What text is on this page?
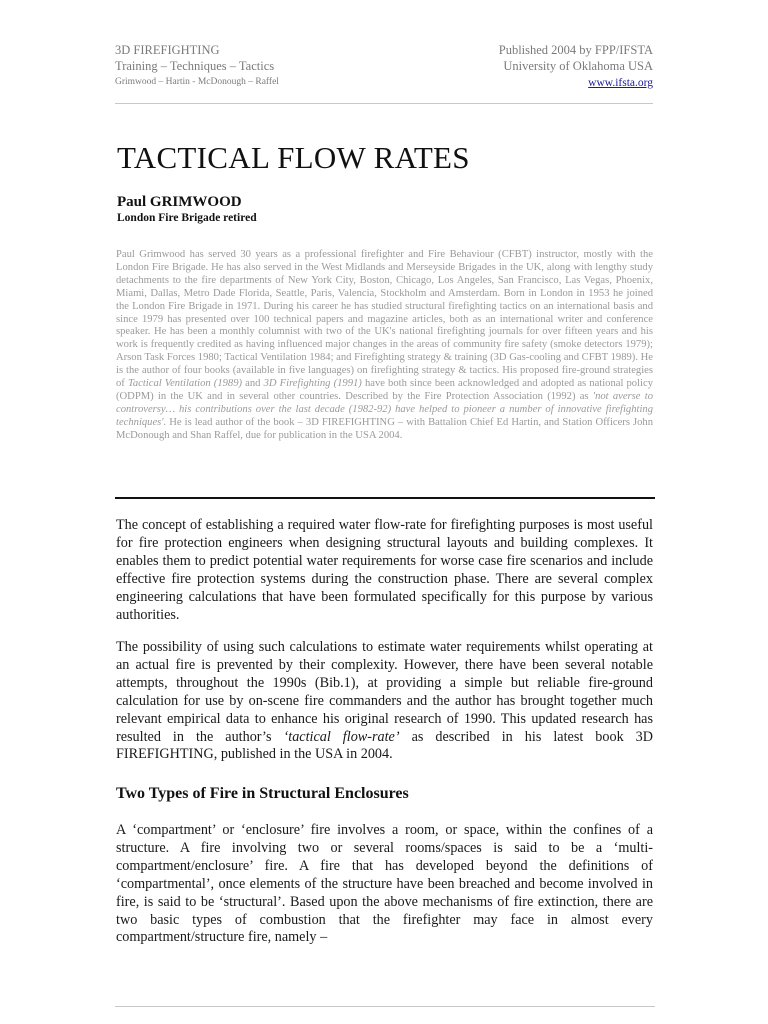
3D FIREFIGHTING
Training – Techniques – Tactics
Grimwood – Hartin - McDonough – Raffel
Published 2004 by FPP/IFSTA
University of Oklahoma USA
www.ifsta.org
TACTICAL FLOW RATES
Paul GRIMWOOD
London Fire Brigade retired
Paul Grimwood has served 30 years as a professional firefighter and Fire Behaviour (CFBT) instructor, mostly with the London Fire Brigade. He has also served in the West Midlands and Merseyside Brigades in the UK, along with lengthy study detachments to the fire departments of New York City, Boston, Chicago, Los Angeles, San Francisco, Las Vegas, Phoenix, Miami, Dallas, Metro Dade Florida, Seattle, Paris, Valencia, Stockholm and Amsterdam. Born in London in 1953 he joined the London Fire Brigade in 1971. During his career he has studied structural firefighting tactics on an international basis and since 1979 has presented over 100 technical papers and magazine articles, both as an international writer and conference speaker. He has been a monthly columnist with two of the UK's national firefighting journals for over fifteen years and his work is frequently credited as having influenced major changes in the areas of community fire safety (smoke detectors 1979); Arson Task Forces 1980; Tactical Ventilation 1984; and Firefighting strategy & training (3D Gas-cooling and CFBT 1989). He is the author of four books (available in five languages) on firefighting strategy & tactics. His proposed fire-ground strategies of Tactical Ventilation (1989) and 3D Firefighting (1991) have both since been acknowledged and adopted as national policy (ODPM) in the UK and in several other countries. Described by the Fire Protection Association (1992) as 'not averse to controversy… his contributions over the last decade (1982-92) have helped to pioneer a number of innovative firefighting techniques'. He is lead author of the book – 3D FIREFIGHTING – with Battalion Chief Ed Hartin, and Station Officers John McDonough and Shan Raffel, due for publication in the USA 2004.
The concept of establishing a required water flow-rate for firefighting purposes is most useful for fire protection engineers when designing structural layouts and building complexes. It enables them to predict potential water requirements for worse case fire scenarios and include effective fire protection systems during the construction phase. There are several complex engineering calculations that have been formulated specifically for this purpose by various authorities.
The possibility of using such calculations to estimate water requirements whilst operating at an actual fire is prevented by their complexity. However, there have been several notable attempts, throughout the 1990s (Bib.1), at providing a simple but reliable fire-ground calculation for use by on-scene fire commanders and the author has brought together much relevant empirical data to enhance his original research of 1990. This updated research has resulted in the author’s ‘tactical flow-rate’ as described in his latest book 3D FIREFIGHTING, published in the USA in 2004.
Two Types of Fire in Structural Enclosures
A ‘compartment’ or ‘enclosure’ fire involves a room, or space, within the confines of a structure. A fire involving two or several rooms/spaces is said to be a ‘multi-compartment/enclosure’ fire. A fire that has developed beyond the definitions of ‘compartmental’, once elements of the structure have been breached and become involved in fire, is said to be ‘structural’. Based upon the above mechanisms of fire extinction, there are two basic types of combustion that the firefighter may face in almost every compartment/structure fire, namely –
